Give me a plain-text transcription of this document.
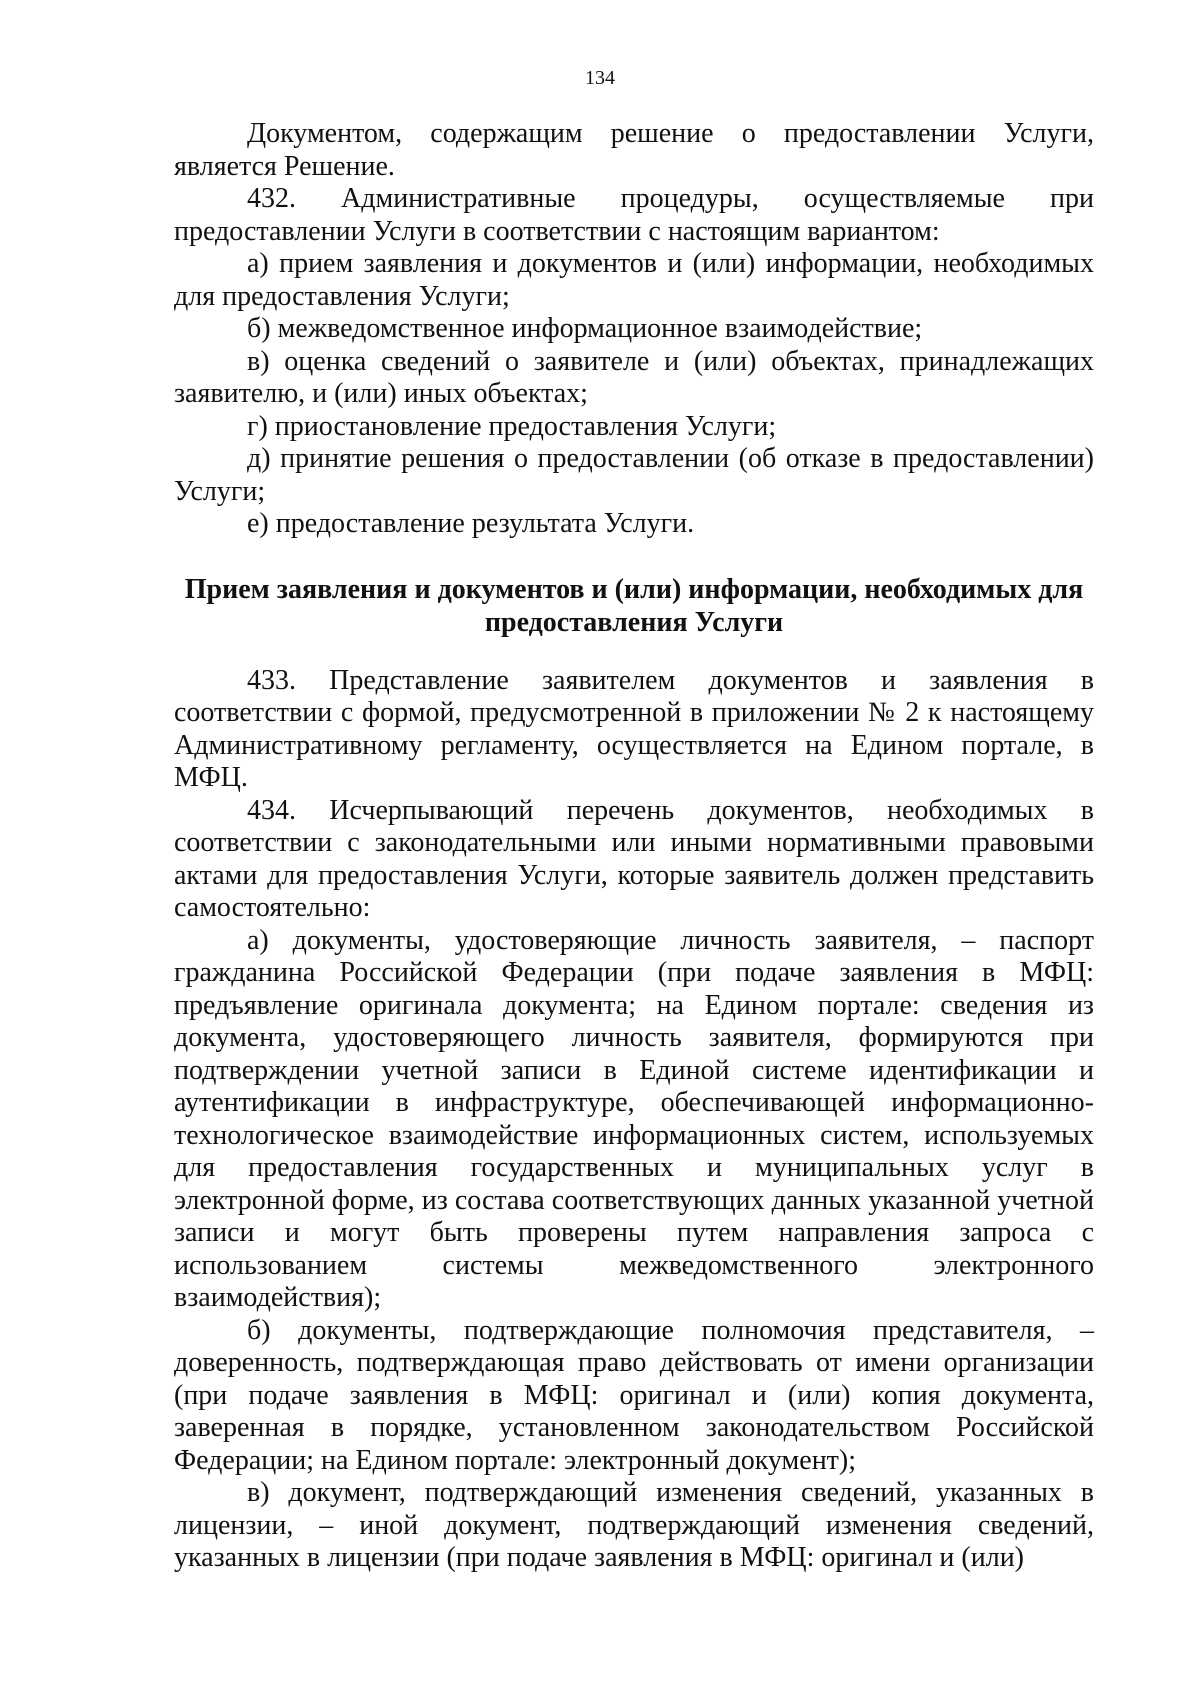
134

Документом, содержащим решение о предоставлении Услуги, является Решение.

432. Административные процедуры, осуществляемые при предоставлении Услуги в соответствии с настоящим вариантом:

а) прием заявления и документов и (или) информации, необходимых для предоставления Услуги;

б) межведомственное информационное взаимодействие;

в) оценка сведений о заявителе и (или) объектах, принадлежащих заявителю, и (или) иных объектах;

г) приостановление предоставления Услуги;

д) принятие решения о предоставлении (об отказе в предоставлении) Услуги;

е) предоставление результата Услуги.

Прием заявления и документов и (или) информации, необходимых для
предоставления Услуги

433. Представление заявителем документов и заявления в соответствии с формой, предусмотренной в приложении № 2 к настоящему Административному регламенту, осуществляется на Едином портале, в МФЦ.

434. Исчерпывающий перечень документов, необходимых в соответствии с законодательными или иными нормативными правовыми актами для предоставления Услуги, которые заявитель должен представить самостоятельно:

а) документы, удостоверяющие личность заявителя, – паспорт гражданина Российской Федерации (при подаче заявления в МФЦ: предъявление оригинала документа; на Едином портале: сведения из документа, удостоверяющего личность заявителя, формируются при подтверждении учетной записи в Единой системе идентификации и аутентификации в инфраструктуре, обеспечивающей информационно-технологическое взаимодействие информационных систем, используемых для предоставления государственных и муниципальных услуг в электронной форме, из состава соответствующих данных указанной учетной записи и могут быть проверены путем направления запроса с использованием системы межведомственного электронного взаимодействия);

б) документы, подтверждающие полномочия представителя, – доверенность, подтверждающая право действовать от имени организации (при подаче заявления в МФЦ: оригинал и (или) копия документа, заверенная в порядке, установленном законодательством Российской Федерации; на Едином портале: электронный документ);

в) документ, подтверждающий изменения сведений, указанных в лицензии, – иной документ, подтверждающий изменения сведений, указанных в лицензии (при подаче заявления в МФЦ: оригинал и (или)
